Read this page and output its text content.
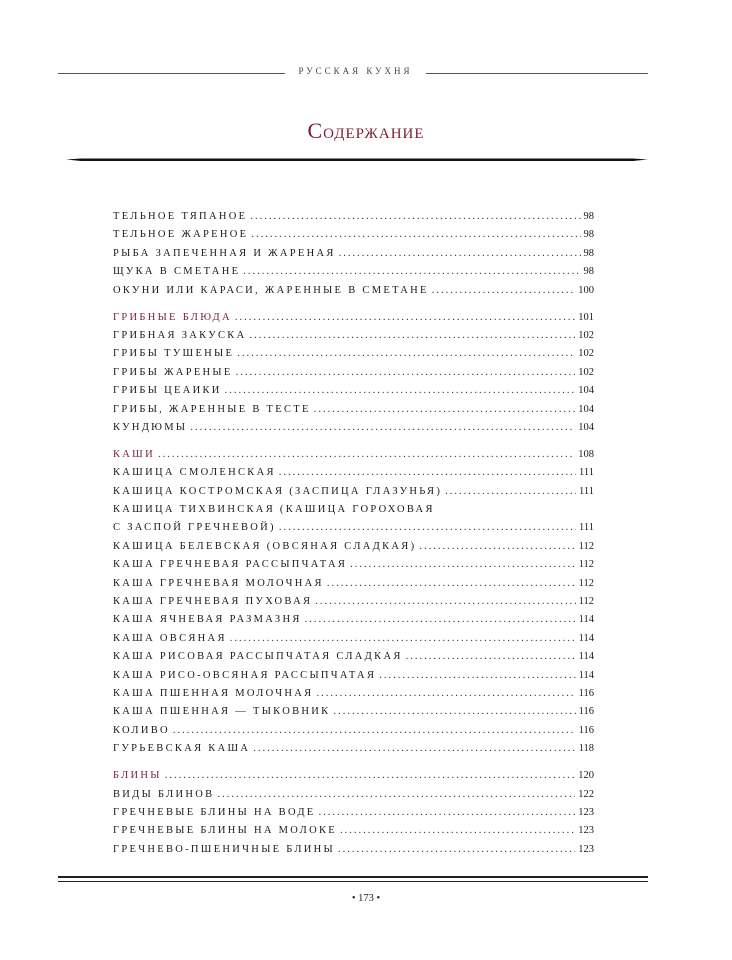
РУССКАЯ КУХНЯ
Содержание
ТЕЛЬНОЕ ТЯПАНОЕ .....	98
ТЕЛЬНОЕ ЖАРЕНОЕ .....	98
РЫБА ЗАПЕЧЕННАЯ И ЖАРЕНАЯ .....	98
ЩУКА В СМЕТАНЕ .....	98
ОКУНИ ИЛИ КАРАСИ, ЖАРЕННЫЕ В СМЕТАНЕ .....	100
ГРИБНЫЕ БЛЮДА .....	101
ГРИБНАЯ ЗАКУСКА .....	102
ГРИБЫ ТУШЕНЫЕ .....	102
ГРИБЫ ЖАРЕНЫЕ .....	102
ГРИБЫ ЦЕАИКИ .....	104
ГРИБЫ, ЖАРЕННЫЕ В ТЕСТЕ .....	104
КУНДЮМЫ .....	104
КАШИ .....	108
КАШИЦА СМОЛЕНСКАЯ .....	111
КАШИЦА КОСТРОМСКАЯ (ЗАСПИЦА ГЛАЗУНЬЯ) .....	111
КАШИЦА ТИХВИНСКАЯ (КАШИЦА ГОРОХОВАЯ
С ЗАСПОЙ ГРЕЧНЕВОЙ) .....	111
КАШИЦА БЕЛЕВСКАЯ (ОВСЯНАЯ СЛАДКАЯ) .....	112
КАША ГРЕЧНЕВАЯ РАССЫПЧАТАЯ .....	112
КАША ГРЕЧНЕВАЯ МОЛОЧНАЯ .....	112
КАША ГРЕЧНЕВАЯ ПУХОВАЯ .....	112
КАША ЯЧНЕВАЯ РАЗМАЗНЯ .....	114
КАША ОВСЯНАЯ .....	114
КАША РИСОВАЯ РАССЫПЧАТАЯ СЛАДКАЯ .....	114
КАША РИСО-ОВСЯНАЯ РАССЫПЧАТАЯ .....	114
КАША ПШЕННАЯ МОЛОЧНАЯ .....	116
КАША ПШЕННАЯ — ТЫКОВНИК .....	116
КОЛИВО .....	116
ГУРЬЕВСКАЯ КАША .....	118
БЛИНЫ .....	120
ВИДЫ БЛИНОВ .....	122
ГРЕЧНЕВЫЕ БЛИНЫ НА ВОДЕ .....	123
ГРЕЧНЕВЫЕ БЛИНЫ НА МОЛОКЕ .....	123
ГРЕЧНЕВО-ПШЕНИЧНЫЕ БЛИНЫ .....	123
• 173 •
